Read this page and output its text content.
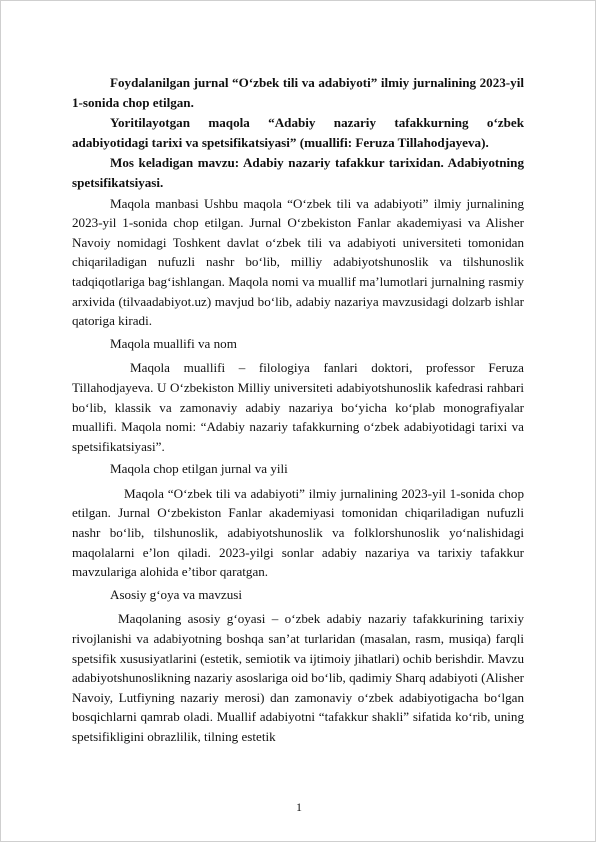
Foydalanilgan jurnal “O‘zbek tili va adabiyoti” ilmiy jurnalining 2023-yil 1-sonida chop etilgan.

Yoritilayotgan maqola “Adabiy nazariy tafakkurning o‘zbek adabiyotidagi tarixi va spetsifikatsiyasi” (muallifi: Feruza Tillahodjayeva).

Mos keladigan mavzu: Adabiy nazariy tafakkur tarixidan. Adabiyotning spetsifikatsiyasi.

Maqola manbasi Ushbu maqola “O‘zbek tili va adabiyoti” ilmiy jurnalining 2023-yil 1-sonida chop etilgan. Jurnal O‘zbekiston Fanlar akademiyasi va Alisher Navoiy nomidagi Toshkent davlat o‘zbek tili va adabiyoti universiteti tomonidan chiqariladigan nufuzli nashr bo‘lib, milliy adabiyotshunoslik va tilshunoslik tadqiqotlariga bag‘ishlangan. Maqola nomi va muallif ma’lumotlari jurnalning rasmiy arxivida (tilvaadabiyot.uz) mavjud bo‘lib, adabiy nazariya mavzusidagi dolzarb ishlar qatoriga kiradi.

Maqola muallifi va nom

Maqola muallifi – filologiya fanlari doktori, professor Feruza Tillahodjayeva. U O‘zbekiston Milliy universiteti adabiyotshunoslik kafedrasi rahbari bo‘lib, klassik va zamonaviy adabiy nazariya bo‘yicha ko‘plab monografiyalar muallifi. Maqola nomi: “Adabiy nazariy tafakkurning o‘zbek adabiyotidagi tarixi va spetsifikatsiyasi”.

Maqola chop etilgan jurnal va yili

Maqola “O‘zbek tili va adabiyoti” ilmiy jurnalining 2023-yil 1-sonida chop etilgan. Jurnal O‘zbekiston Fanlar akademiyasi tomonidan chiqariladigan nufuzli nashr bo‘lib, tilshunoslik, adabiyotshunoslik va folklorshunoslik yo‘nalishidagi maqolalarni e’lon qiladi. 2023-yilgi sonlar adabiy nazariya va tarixiy tafakkur mavzulariga alohida e’tibor qaratgan.

Asosiy g‘oya va mavzusi

Maqolaning asosiy g‘oyasi – o‘zbek adabiy nazariy tafakkurining tarixiy rivojlanishi va adabiyotning boshqa san’at turlaridan (masalan, rasm, musiqa) farqli spetsifik xususiyatlarini (estetik, semiotik va ijtimoiy jihatlari) ochib berishdir. Mavzu adabiyotshunoslikning nazariy asoslariga oid bo‘lib, qadimiy Sharq adabiyoti (Alisher Navoiy, Lutfiyning nazariy merosi) dan zamonaviy o‘zbek adabiyotigacha bo‘lgan bosqichlarni qamrab oladi. Muallif adabiyotni “tafakkur shakli” sifatida ko‘rib, uning spetsifikligini obrazlilik, tilning estetik

1
